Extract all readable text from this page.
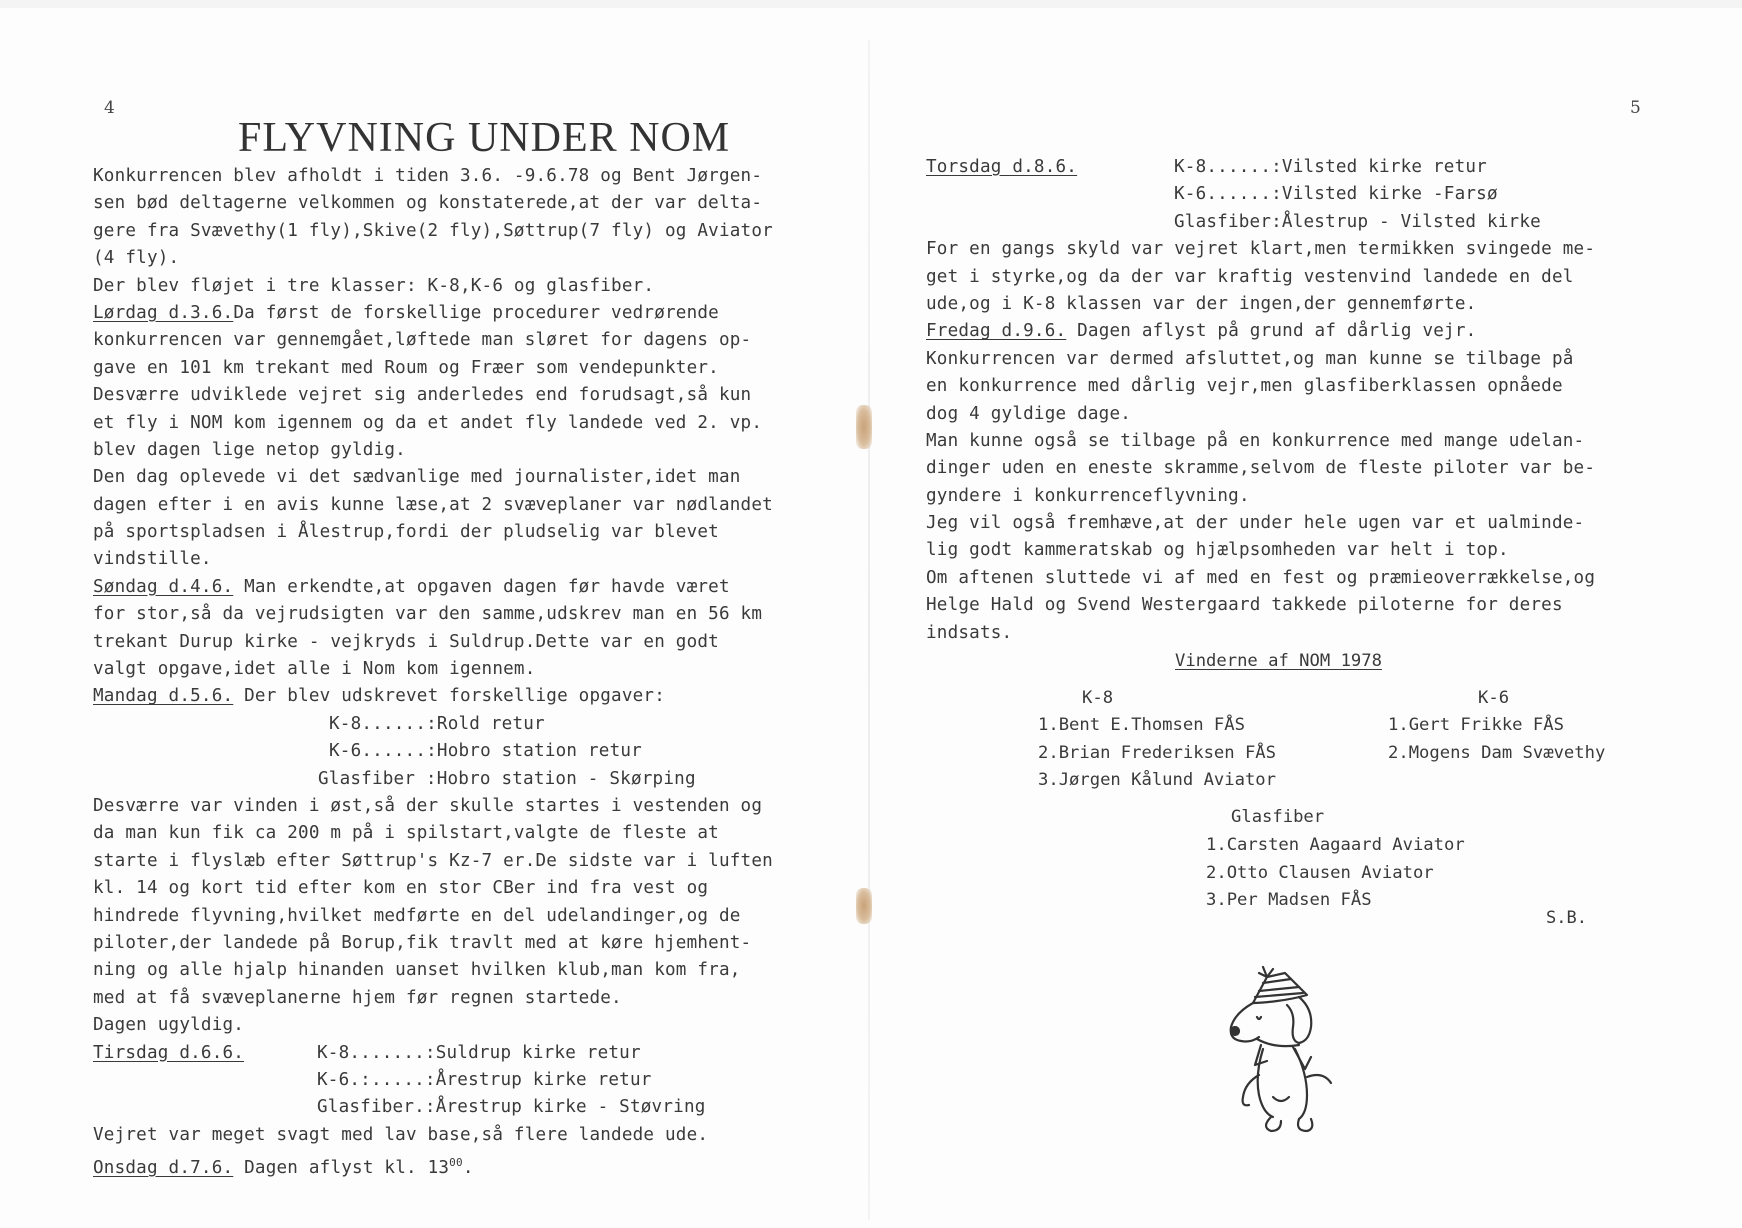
4
FLYVNING UNDER NOM
Konkurrencen blev afholdt i tiden 3.6. -9.6.78 og Bent Jørgen-
sen bød deltagerne velkommen og konstaterede,at der var delta-
gere fra Svævethy(1 fly),Skive(2 fly),Søttrup(7 fly) og Aviator
(4 fly).
Der blev fløjet i tre klasser: K-8,K-6 og glasfiber.
Lørdag d.3.6.Da først de forskellige procedurer vedrørende
konkurrencen var gennemgået,løftede man sløret for dagens op-
gave en 101 km trekant med Roum og Fræer som vendepunkter.
Desværre udviklede vejret sig anderledes end forudsagt,så kun
et fly i NOM kom igennem og da et andet fly landede ved 2. vp.
blev dagen lige netop gyldig.
Den dag oplevede vi det sædvanlige med journalister,idet man
dagen efter i en avis kunne læse,at 2 svæveplaner var nødlandet
på sportspladsen i Ålestrup,fordi der pludselig var blevet
vindstille.
Søndag d.4.6. Man erkendte,at opgaven dagen før havde været
for stor,så da vejrudsigten var den samme,udskrev man en 56 km
trekant Durup kirke - vejkryds i Suldrup.Dette var en godt
valgt opgave,idet alle i Nom kom igennem.
Mandag d.5.6. Der blev udskrevet forskellige opgaver:
K-8......:Rold retur
K-6......:Hobro station retur
Glasfiber :Hobro station - Skørping
Desværre var vinden i øst,så der skulle startes i vestenden og
da man kun fik ca 200 m på i spilstart,valgte de fleste at
starte i flyslæb efter Søttrup's Kz-7 er.De sidste var i luften
kl. 14 og kort tid efter kom en stor CBer ind fra vest og
hindrede flyvning,hvilket medførte en del udelandinger,og de
piloter,der landede på Borup,fik travlt med at køre hjemhent-
ning og alle hjalp hinanden uanset hvilken klub,man kom fra,
med at få svæveplanerne hjem før regnen startede.
Dagen ugyldig.
Tirsdag d.6.6.	K-8.......:Suldrup kirke retur
K-6.:.....:Årestrup kirke retur
Glasfiber.:Årestrup kirke - Støvring
Vejret var meget svagt med lav base,så flere landede ude.
Onsdag d.7.6. Dagen aflyst kl. $13^{00}$.
5
Torsdag d.8.6.	K-8......:Vilsted kirke retur
K-6......:Vilsted kirke -Farsø
Glasfiber:Ålestrup - Vilsted kirke
For en gangs skyld var vejret klart,men termikken svingede me-
get i styrke,og da der var kraftig vestenvind landede en del
ude,og i K-8 klassen var der ingen,der gennemførte.
Fredag d.9.6. Dagen aflyst på grund af dårlig vejr.
Konkurrencen var dermed afsluttet,og man kunne se tilbage på
en konkurrence med dårlig vejr,men glasfiberklassen opnåede
dog 4 gyldige dage.
Man kunne også se tilbage på en konkurrence med mange udelan-
dinger uden en eneste skramme,selvom de fleste piloter var be-
gyndere i konkurrenceflyvning.
Jeg vil også fremhæve,at der under hele ugen var et ualminde-
lig godt kammeratskab og hjælpsomheden var helt i top.
Om aftenen sluttede vi af med en fest og præmieoverrækkelse,og
Helge Hald og Svend Westergaard takkede piloterne for deres
indsats.
Vinderne af NOM 1978
K-8
1.Bent E.Thomsen FÅS
2.Brian Frederiksen FÅS
3.Jørgen Kålund Aviator
K-6
1.Gert Frikke FÅS
2.Mogens Dam Svævethy
Glasfiber
1.Carsten Aagaard Aviator
2.Otto Clausen Aviator
3.Per Madsen FÅS
S.B.
